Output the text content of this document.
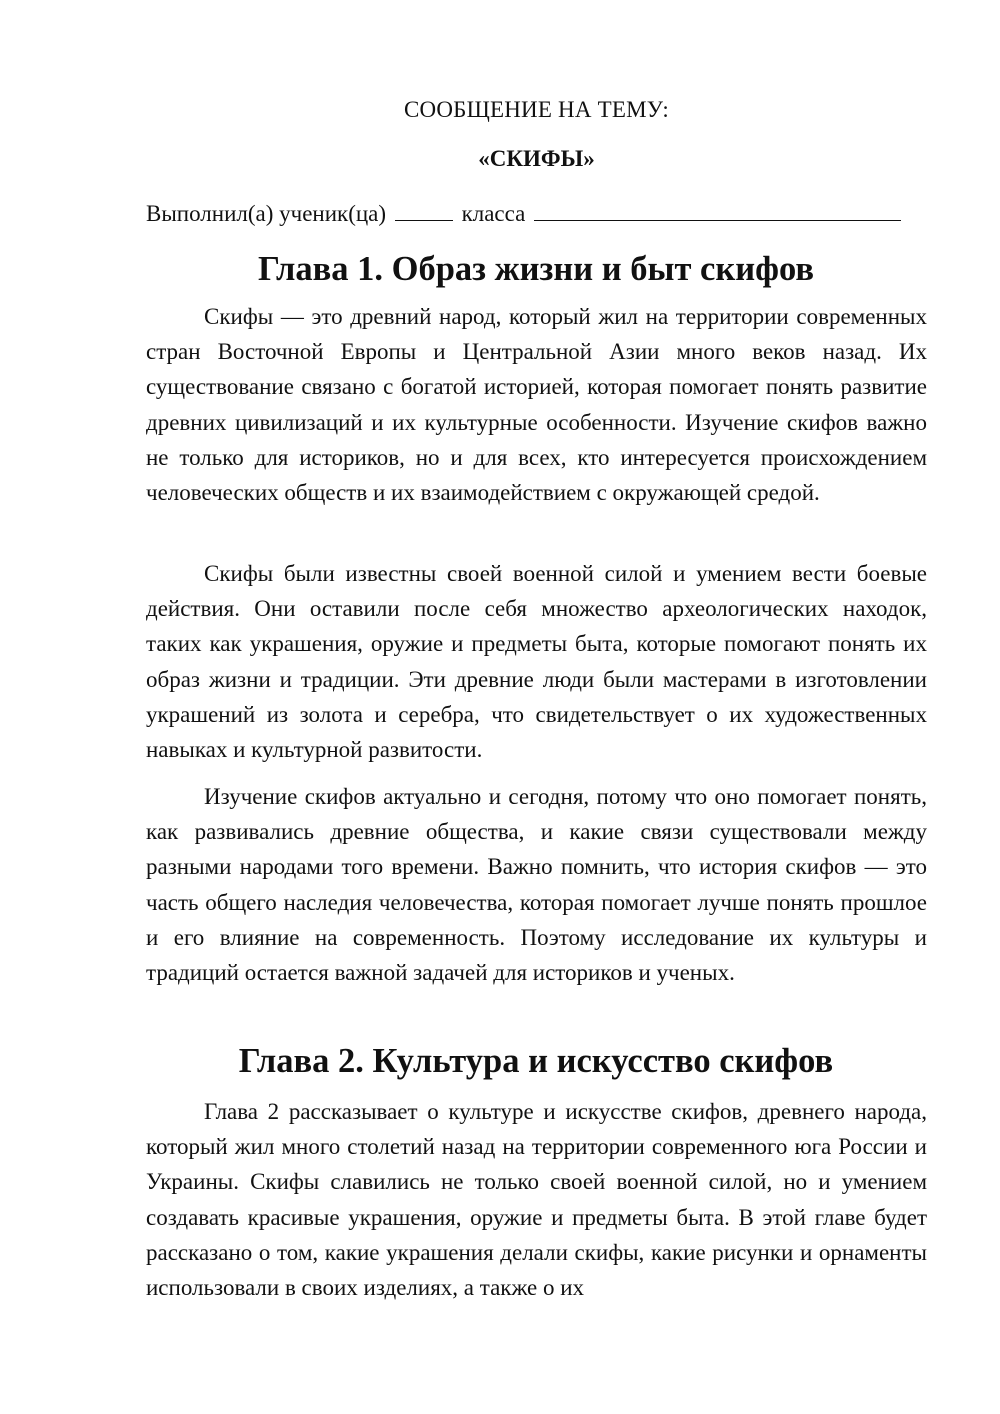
СООБЩЕНИЕ НА ТЕМУ:

«СКИФЫ»

Выполнил(а) ученик(ца)	класса
Глава 1. Образ жизни и быт скифов

Скифы — это древний народ, который жил на территории современных стран Восточной Европы и Центральной Азии много веков назад. Их существование связано с богатой историей, которая помогает понять развитие древних цивилизаций и их культурные особенности. Изучение скифов важно не только для историков, но и для всех, кто интересуется происхождением человеческих обществ и их взаимодействием с окружающей средой.

Скифы были известны своей военной силой и умением вести боевые действия. Они оставили после себя множество археологических находок, таких как украшения, оружие и предметы быта, которые помогают понять их образ жизни и традиции. Эти древние люди были мастерами в изготовлении украшений из золота и серебра, что свидетельствует о их художественных навыках и культурной развитости.

Изучение скифов актуально и сегодня, потому что оно помогает понять, как развивались древние общества, и какие связи существовали между разными народами того времени. Важно помнить, что история скифов — это часть общего наследия человечества, которая помогает лучше понять прошлое и его влияние на современность. Поэтому исследование их культуры и традиций остается важной задачей для историков и ученых.

Глава 2. Культура и искусство скифов

Глава 2 рассказывает о культуре и искусстве скифов, древнего народа, который жил много столетий назад на территории современного юга России и Украины. Скифы славились не только своей военной силой, но и умением создавать красивые украшения, оружие и предметы быта. В этой главе будет рассказано о том, какие украшения делали скифы, какие рисунки и орнаменты использовали в своих изделиях, а также о их
